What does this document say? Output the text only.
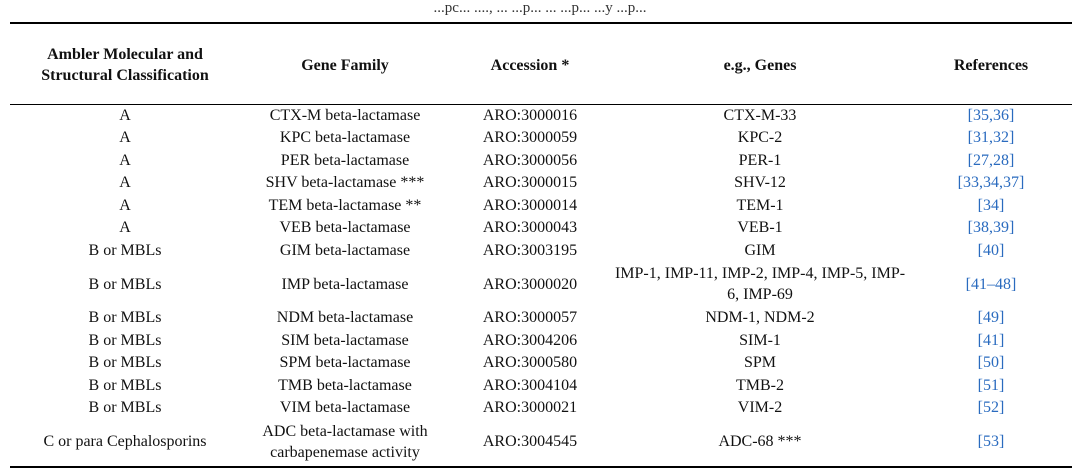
...pc... ...., ... ...p... ... ...p... ...y ...p...
Ambler Molecular and Structural Classification	Gene Family	Accession *	e.g., Genes	References
A	CTX-M beta-lactamase	ARO:3000016	CTX-M-33	[35,36]
A	KPC beta-lactamase	ARO:3000059	KPC-2	[31,32]
A	PER beta-lactamase	ARO:3000056	PER-1	[27,28]
A	SHV beta-lactamase ***	ARO:3000015	SHV-12	[33,34,37]
A	TEM beta-lactamase **	ARO:3000014	TEM-1	[34]
A	VEB beta-lactamase	ARO:3000043	VEB-1	[38,39]
B or MBLs	GIM beta-lactamase	ARO:3003195	GIM	[40]
B or MBLs	IMP beta-lactamase	ARO:3000020	IMP-1, IMP-11, IMP-2, IMP-4, IMP-5, IMP-6, IMP-69	[41–48]
B or MBLs	NDM beta-lactamase	ARO:3000057	NDM-1, NDM-2	[49]
B or MBLs	SIM beta-lactamase	ARO:3004206	SIM-1	[41]
B or MBLs	SPM beta-lactamase	ARO:3000580	SPM	[50]
B or MBLs	TMB beta-lactamase	ARO:3004104	TMB-2	[51]
B or MBLs	VIM beta-lactamase	ARO:3000021	VIM-2	[52]
C or para Cephalosporins	ADC beta-lactamase with carbapenemase activity	ARO:3004545	ADC-68 ***	[53]
